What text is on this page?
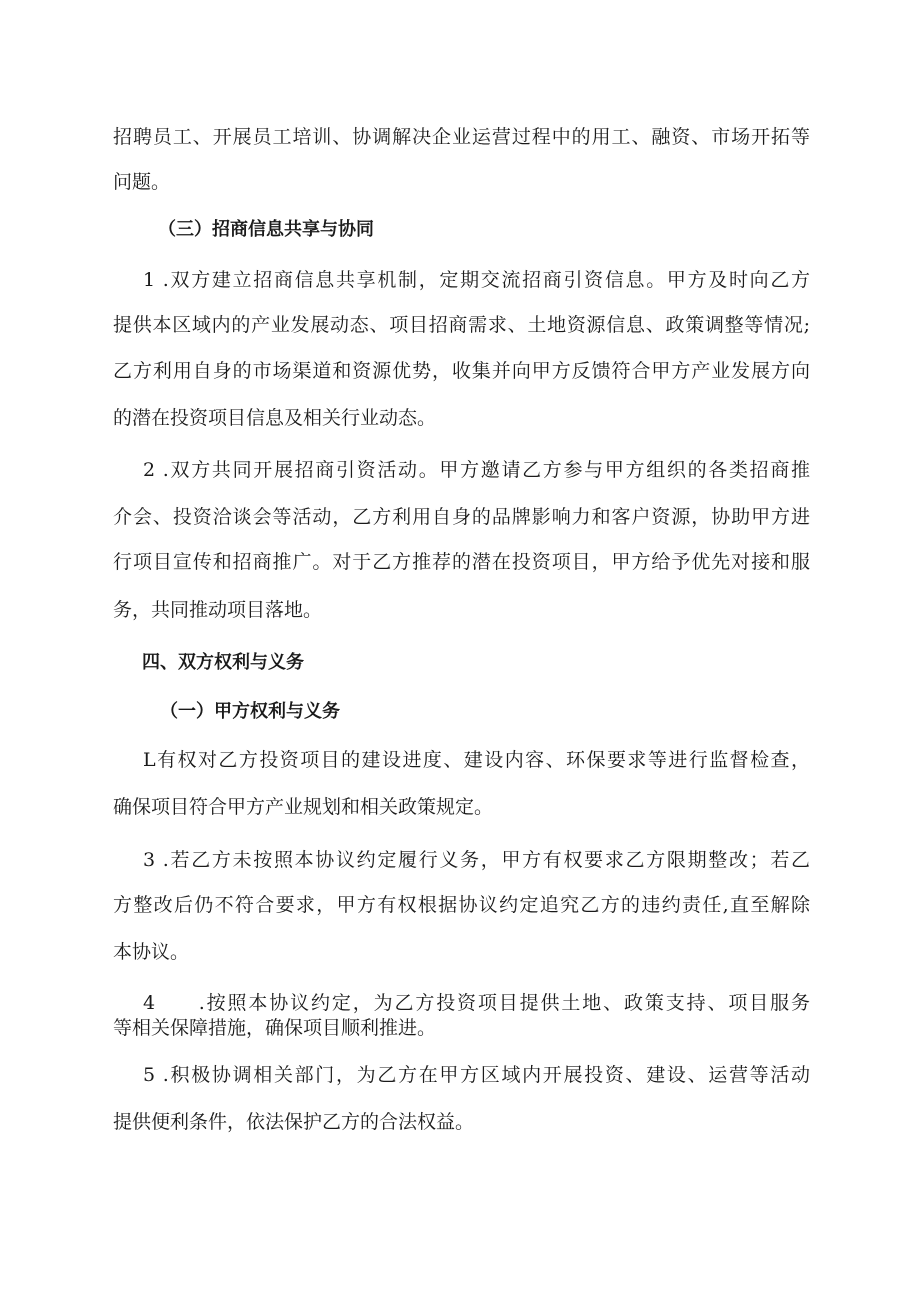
招聘员工、开展员工培训、协调解决企业运营过程中的用工、融资、市场开拓等
问题。
（三）招商信息共享与协同
1 .双方建立招商信息共享机制，定期交流招商引资信息。甲方及时向乙方
提供本区域内的产业发展动态、项目招商需求、土地资源信息、政策调整等情况;
乙方利用自身的市场渠道和资源优势，收集并向甲方反馈符合甲方产业发展方向
的潜在投资项目信息及相关行业动态。
2 .双方共同开展招商引资活动。甲方邀请乙方参与甲方组织的各类招商推
介会、投资洽谈会等活动，乙方利用自身的品牌影响力和客户资源，协助甲方进
行项目宣传和招商推广。对于乙方推荐的潜在投资项目，甲方给予优先对接和服
务，共同推动项目落地。
四、双方权利与义务
（一）甲方权利与义务
L有权对乙方投资项目的建设进度、建设内容、环保要求等进行监督检查，
确保项目符合甲方产业规划和相关政策规定。
3 .若乙方未按照本协议约定履行义务，甲方有权要求乙方限期整改；若乙
方整改后仍不符合要求，甲方有权根据协议约定追究乙方的违约责任,直至解除
本协议。
4　　.按照本协议约定，为乙方投资项目提供土地、政策支持、项目服务
等相关保障措施，确保项目顺利推进。
5 .积极协调相关部门，为乙方在甲方区域内开展投资、建设、运营等活动
提供便利条件，依法保护乙方的合法权益。
